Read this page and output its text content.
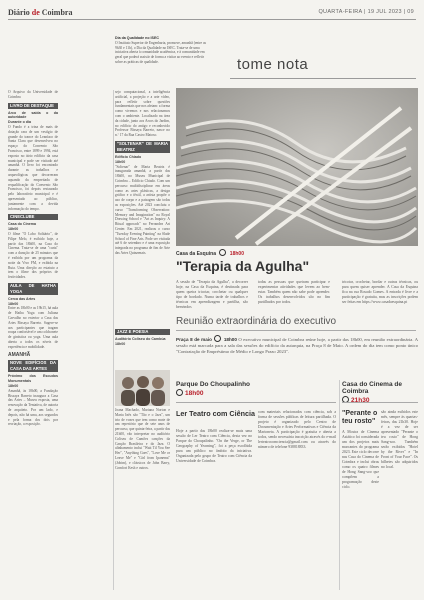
Diário de Coimbra	QUARTA-FEIRA | 19 JUL 2023 | 09
Dia da Qualidade no ISEC
O Instituto Superior de Engenharia, promove, amanhã (entre as 9h30 e 11h), o Dia da Qualidade no ISEC. Trata-se de uma iniciativa aberta à comunidade académica, e à comunidade em geral que poderá assistir de forma a visitar ao evento e refletir sobre as práticas de qualidade.	tome nota

O Arquivo da Universidade de Coimbra

LIVRO DE DESTAQUE
Arco de saída o da autoridade
Durante o dia

O Fundo é a trina de mais de dotação rara de um vestígio de grande do trance do Leaníaco de Santa Clara que desenvolveu no espaço do Convento São Francisco, entre 1899 e 1994, está exposto no átrio edifício da casa municipal e pode ser visitado até amanhã. O livro foi encontrado durante as trabalhos e arqueológicas que decorreram aquando da empreitada de requalificação do Convento São Francisco, foi depois restaurado pelo laboratório municipal e é apresentado ao público, juntamente com a devida informação do tempo.

CINECLUBE
Casa do Cinema
18h00

O filme "O Lobo Solitário", de Filipe Melo, é exibido hoje, a partir das 18h00, na Casa do Cinema. Trata-se de uma "curta" com a duração de 25 minutos que é exibida por um programa da noite da Vivo FM, e exibida na Ruta. Uma direção ao estatuto a tem o filme dos próprios de festividades.

AULA DE HATHA YOGA
Cerca das Artes
18h00

Entre as 18h00 e as 19h15, há aula de Hatha Yoga com Juliana Carvalho no exterior a Casa das Artes Bissaya Barreto. Sugere-se aos participantes que tragam roupa confortável e um colchonete de ginástica ou yoga. Uma aula aberta a todos os níveis de experiência e mobilidade.

AMANHÃ
NOVE EDIFÍCIOS DA CASA DAS ARTES
Próximo dos Escudos Monumentais
18h00

Amanhã, às 18h00, a Fundação Bissaya Barreto inaugura a Casa das Artes – Museu exposta, uma renovação da Tentativa, de autoria de arquiteto. Por um lado, e depois, não há uma, aos segundos e pela forma dos dois por recriação, a exposição.

sejo computacional, a inteligência artificial, a projeção e a arte vídeo, para refletir sobre questões fundamentais que nos afetam: a forma como vivemos e nos relacionamos com o ambiente. Localizado na área da cidade, junto aos Arcos do Jardim, no edifício do antigo e reconhecido Professor Bissaya Barreto, nasce no n.º 17 da Rua Castro Matoso.

"SOLTENAR" DE MARIA BEATRIZ
Edifício Chiado
18h00

"Soltenar" de Maria Beatriz é inaugurada amanhã, a partir das 18h00, no Museu Municipal de Coimbra – Edifício Chiado. Com um percurso multidisciplinar em áreas como as artes plásticas, a design gráfico e o têxtil, a artista propõe o uso de corpo e a paisagem são todas as exposições. Até 2023 concluiu o curso "Transforming Observation: Memory and Imagination" na Royal Drawing School e "Art as Inquiry: A Ritual approach" no Ferrandez Art Center. Em 2021, realizou o curso "Tuesday Evening Painting" na Slade School of Fine Arts. Pode ser visitada até 6 de setembro e é uma exposição integrada no programa de fim de Arte das Artes Quinzenais.

JAZZ E POESIA
Auditório Coliseu do Cambúa
18h00

Joana Machado, Mariana Norton e Maria Inês são "Tão e o Jazz", um trio de vozes que tem como mote de um repertório que de sete anos de percurso, que quinta-feira, a partir das 21h00, vão interpretar no auditório Coliseu de Camões canções da Canção Brasileira e do Jazz. O alinhamento inclui "Wait Til You See Her", "Anything Goes", "Love Me or Leave Me" e "Girl from Ipanema" (Jobim), e clássicos de John Barry, Comfort Kesh e outros.

Casa da Esquina	18h00
"Terapia da Agulha"
A sessão de "Terapia da Agulha", a decorrer hoje, na Casa da Esquina, é destinada para quem queira tricotar, crochetar ou qualquer tipo de bordado. Numa tarde de trabalhos e técnicas em aprendizagem e partilha, são benvindos
todas as pessoas que queiram participar e experimentar atividades que levem ao bem-estar. Também quem não sabe pode aprender. Os trabalhos desenvolvidos são no fim partilhados por todos.
tricotar, crochetar, bordar e outras técnicas, ou para quem quiser aprender. A Casa da Esquina fica na rua Rosado Gomes. A entrada é livre e a participação é gratuita, mas as inscrições podem ser feitas em https://www.casadaesquina.pt
Reunião extraordinária do executivo
Praça 8 de maio	18h00 O executivo municipal de Coimbra reúne hoje, a partir das 18h00, em reunião extraordinária. A sessão está marcada para a sala das sessões do edifício da autarquia, na Praça 8 de Maio. A ordem do dia tem como ponto único "Contratação de Empréstimo de Médio e Longo Prazo 2023".
Parque Do Choupalinho
18h00
Ler Teatro com Ciência
Hoje a partir das 18h00 realiza-se mais uma sessão de Ler Teatro com Ciência, desta vez no Parque do Choupalinho. "On the Verge, or The Geography of Yearning", foi a peça escolhida para um público no âmbito da iniciativa. Organizada pelo grupo de Teatro com Ciência da Universidade de Coimbra.
com materiais relacionados com ciência, sob a forma de sessões públicas de leitura partilhada. O projeto é organizado pelo Centro de Documentação e Artes Performativas e Ciência da Marioneta. A participação é gratuita e aberta a todos, sendo necessária inscrição através do e-mail lerteatrocomciencia@gmail.com ou através do número de telefone 938818833.
Casa do Cinema de Coimbra
21h30
"Perante o teu rosto"
A Mostra de Cinema Asiático foi considerada um dos projetos mais marcantes do programa 2023. Este ciclo decorre nas Casa do Cinema de Coimbra e inclui obras como os quatro filmes de Hong Sang-soo que compõem a programação deste ciclo.
são ainda exibidos este mês, sempre às quartas-feiras, das 21h30. Hoje é a vez de ser apresentado "Perante o teu rosto" de Hong Sang-soo. Também serão exibidos "Hotel by the River" e "In Front of Your Face". Os bilhetes são adquiridos no local.
